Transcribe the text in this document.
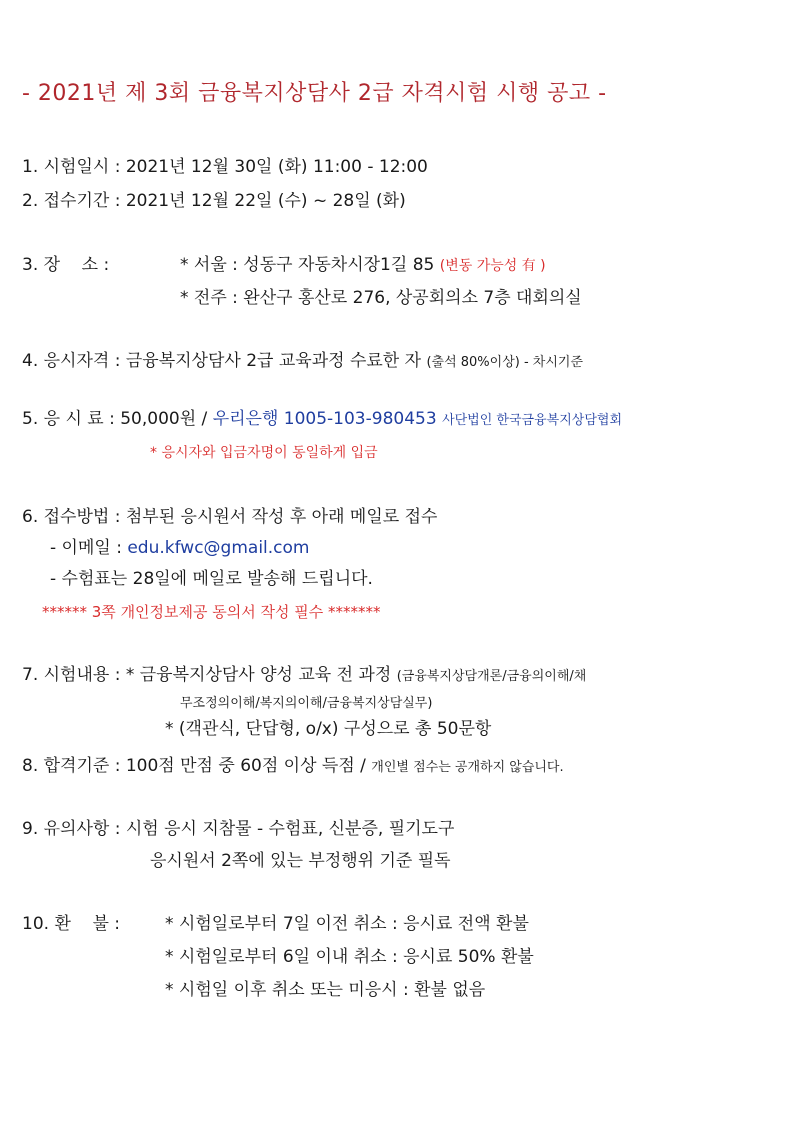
- 2021년 제 3회 금융복지상담사 2급 자격시험 시행 공고 -
1. 시험일시 : 2021년 12월 30일 (화) 11:00 - 12:00
2. 접수기간 : 2021년 12월 22일 (수) ~ 28일 (화)
3. 장    소 :	* 서울 : 성동구 자동차시장1길 85 (변동 가능성 有 )
* 전주 : 완산구 홍산로 276, 상공회의소 7층 대회의실
4. 응시자격 : 금융복지상담사 2급 교육과정 수료한 자 (출석 80%이상) - 차시기준
5. 응 시 료 : 50,000원 / 우리은행 1005-103-980453 사단법인 한국금융복지상담협회
* 응시자와 입금자명이 동일하게 입금
6. 접수방법 : 첨부된 응시원서 작성 후 아래 메일로 접수
- 이메일 : edu.kfwc@gmail.com
- 수험표는 28일에 메일로 발송해 드립니다.
****** 3쪽 개인정보제공 동의서 작성 필수 *******
7. 시험내용 : * 금융복지상담사 양성 교육 전 과정 (금융복지상담개론/금융의이해/채
무조정의이해/복지의이해/금융복지상담실무)
* (객관식, 단답형, o/x) 구성으로 총 50문항
8. 합격기준 : 100점 만점 중 60점 이상 득점 / 개인별 점수는 공개하지 않습니다.
9. 유의사항 : 시험 응시 지참물 - 수험표, 신분증, 필기도구
응시원서 2쪽에 있는 부정행위 기준 필독
10. 환    불 :	* 시험일로부터 7일 이전 취소 : 응시료 전액 환불
* 시험일로부터 6일 이내 취소 : 응시료 50% 환불
* 시험일 이후 취소 또는 미응시 : 환불 없음
